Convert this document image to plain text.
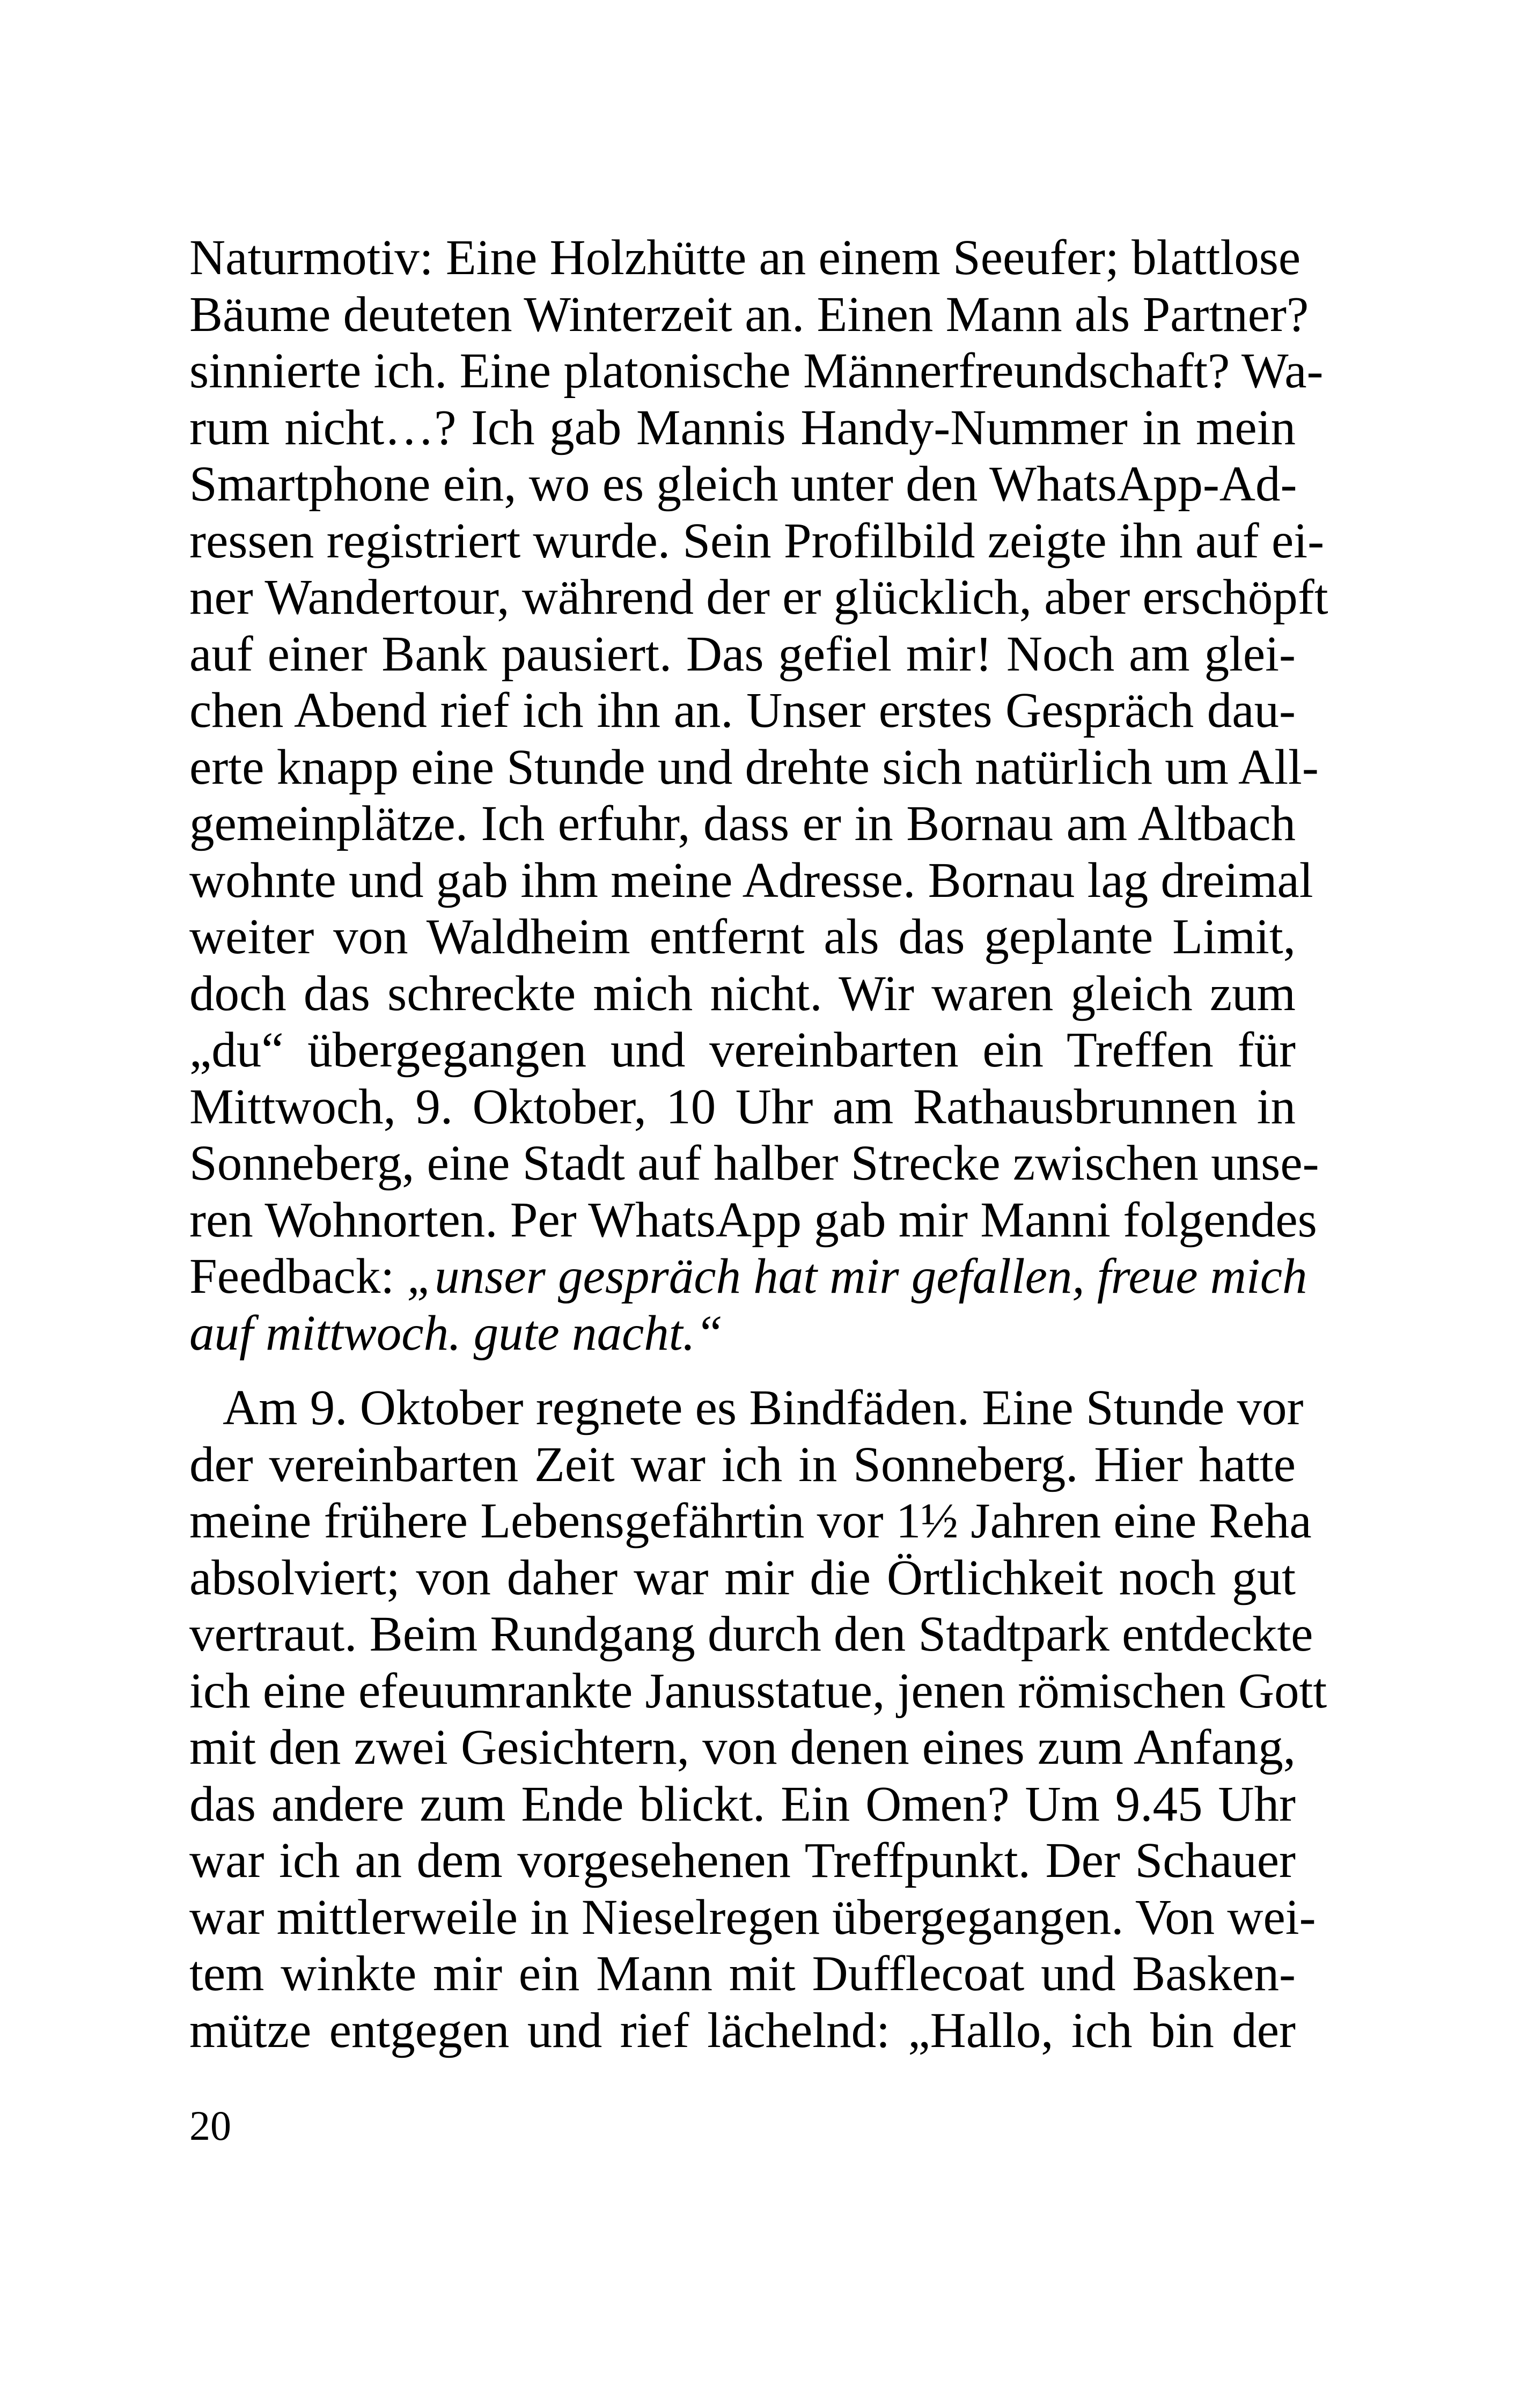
Naturmotiv: Eine Holzhütte an einem Seeufer; blattlose
Bäume deuteten Winterzeit an. Einen Mann als Partner?
sinnierte ich. Eine platonische Männerfreundschaft? Wa-
rum nicht…? Ich gab Mannis Handy-Nummer in mein
Smartphone ein, wo es gleich unter den WhatsApp-Ad-
ressen registriert wurde. Sein Profilbild zeigte ihn auf ei-
ner Wandertour, während der er glücklich, aber erschöpft
auf einer Bank pausiert. Das gefiel mir! Noch am glei-
chen Abend rief ich ihn an. Unser erstes Gespräch dau-
erte knapp eine Stunde und drehte sich natürlich um All-
gemeinplätze. Ich erfuhr, dass er in Bornau am Altbach
wohnte und gab ihm meine Adresse. Bornau lag dreimal
weiter von Waldheim entfernt als das geplante Limit,
doch das schreckte mich nicht. Wir waren gleich zum
„du“ übergegangen und vereinbarten ein Treffen für
Mittwoch, 9. Oktober, 10 Uhr am Rathausbrunnen in
Sonneberg, eine Stadt auf halber Strecke zwischen unse-
ren Wohnorten. Per WhatsApp gab mir Manni folgendes
Feedback: „unser gespräch hat mir gefallen, freue mich
auf mittwoch. gute nacht.“
Am 9. Oktober regnete es Bindfäden. Eine Stunde vor
der vereinbarten Zeit war ich in Sonneberg. Hier hatte
meine frühere Lebensgefährtin vor 1½ Jahren eine Reha
absolviert; von daher war mir die Örtlichkeit noch gut
vertraut. Beim Rundgang durch den Stadtpark entdeckte
ich eine efeuumrankte Janusstatue, jenen römischen Gott
mit den zwei Gesichtern, von denen eines zum Anfang,
das andere zum Ende blickt. Ein Omen? Um 9.45 Uhr
war ich an dem vorgesehenen Treffpunkt. Der Schauer
war mittlerweile in Nieselregen übergegangen. Von wei-
tem winkte mir ein Mann mit Dufflecoat und Basken-
mütze entgegen und rief lächelnd: „Hallo, ich bin der
20
